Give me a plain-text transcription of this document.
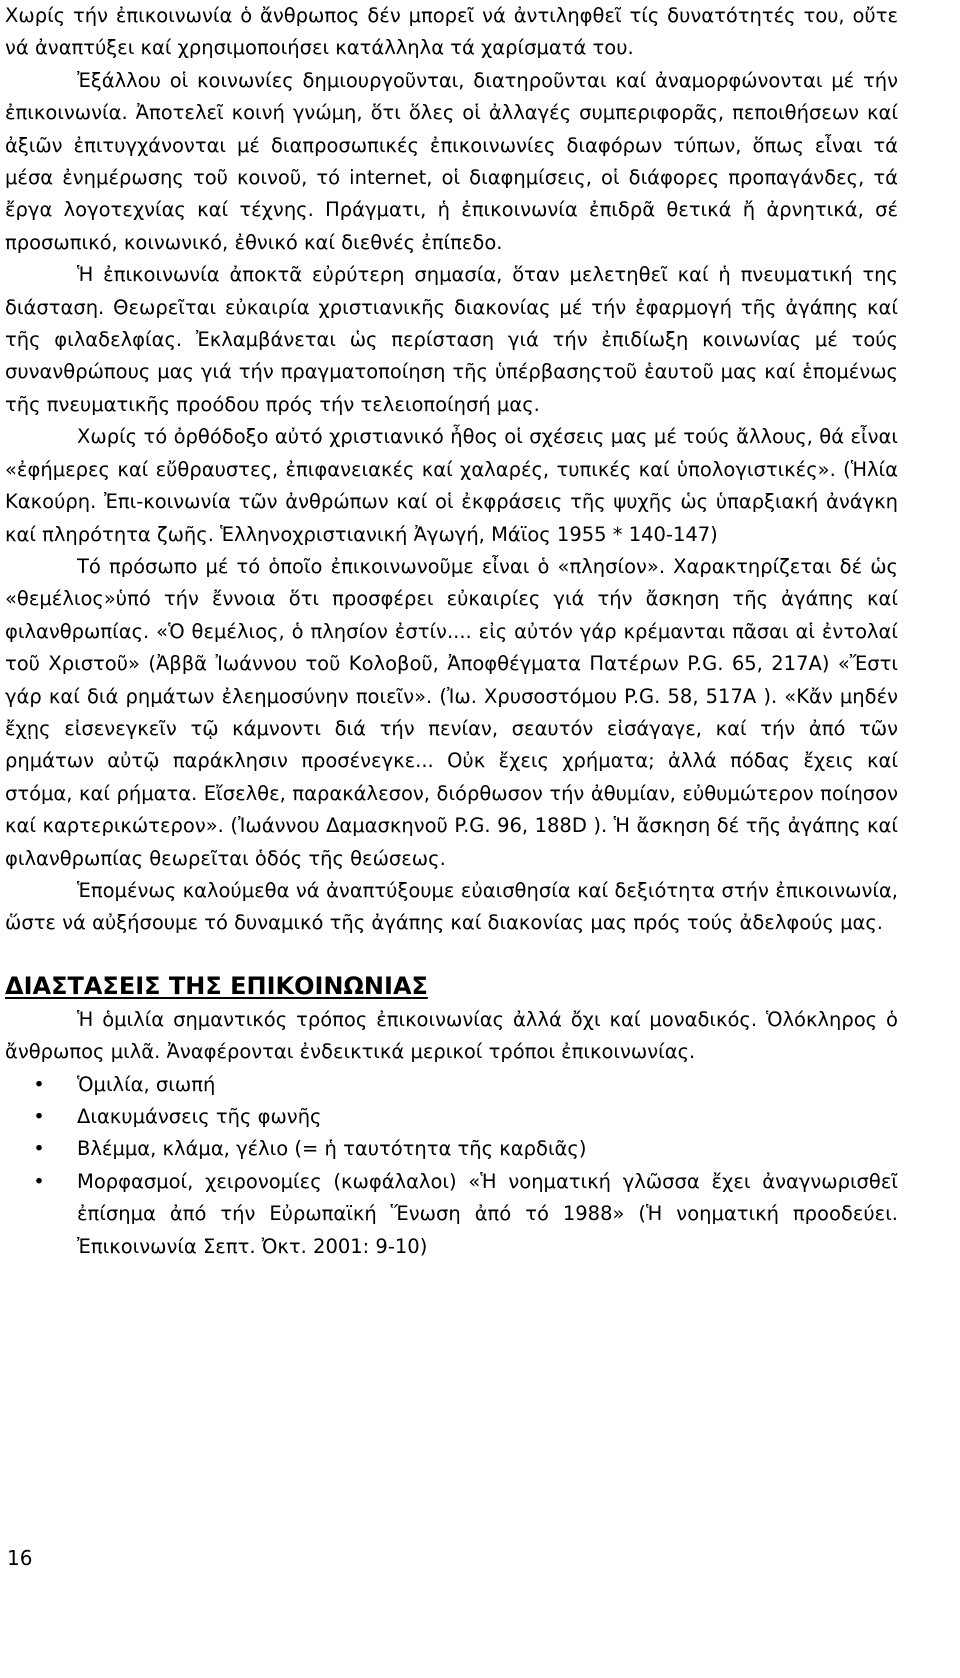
Χωρίς τήν ἐπικοινωνία ὁ ἄνθρωπος δέν μπορεῖ νά ἀντιληφθεῖ τίς δυνατότητές του, οὔτε νά ἀναπτύξει καί χρησιμοποιήσει κατάλληλα τά χαρίσματά του.

Ἐξάλλου οἱ κοινωνίες δημιουργοῦνται, διατηροῦνται καί ἀναμορφώνονται μέ τήν ἐπικοινωνία. Ἀποτελεῖ κοινή γνώμη, ὅτι ὅλες οἱ ἀλλαγές συμπεριφορᾶς, πεποιθήσεων καί ἀξιῶν ἐπιτυγχάνονται μέ διαπροσωπικές ἐπικοινωνίες διαφόρων τύπων, ὅπως εἶναι τά μέσα ἐνημέρωσης τοῦ κοινοῦ, τό internet, οἱ διαφημίσεις, οἱ διάφορες προπαγάνδες, τά ἔργα λογοτεχνίας καί τέχνης. Πράγματι, ἡ ἐπικοινωνία ἐπιδρᾶ θετικά ἤ ἀρνητικά, σέ προσωπικό, κοινωνικό, ἐθνικό καί διεθνές ἐπίπεδο.

Ἡ ἐπικοινωνία ἀποκτᾶ εὐρύτερη σημασία, ὅταν μελετηθεῖ καί ἡ πνευματική της διάσταση. Θεωρεῖται εὐκαιρία χριστιανικῆς διακονίας μέ τήν ἐφαρμογή τῆς ἀγάπης καί τῆς φιλαδελφίας. Ἐκλαμβάνεται ὡς περίσταση γιά τήν ἐπιδίωξη κοινωνίας μέ τούς συνανθρώπους μας γιά τήν πραγματοποίηση τῆς ὑπέρβασηςτοῦ ἑαυτοῦ μας καί ἑπομένως τῆς πνευματικῆς προόδου πρός τήν τελειοποίησή μας.

Χωρίς τό ὀρθόδοξο αὐτό χριστιανικό ἦθος οἱ σχέσεις μας μέ τούς ἄλλους, θά εἶναι «ἐφήμερες καί εὔθραυστες, ἐπιφανειακές καί χαλαρές, τυπικές καί ὑπολογιστικές». (Ἡλία Κακούρη. Ἐπι-κοινωνία τῶν ἀνθρώπων καί οἱ ἐκφράσεις τῆς ψυχῆς ὡς ὑπαρξιακή ἀνάγκη καί πληρότητα ζωῆς. Ἑλληνοχριστιανική Ἀγωγή, Μάϊος 1955 * 140-147)

Τό πρόσωπο μέ τό ὁποῖο ἐπικοινωνοῦμε εἶναι ὁ «πλησίον». Χαρακτηρίζεται δέ ὡς «θεμέλιος»ὑπό τήν ἔννοια ὅτι προσφέρει εὐκαιρίες γιά τήν ἄσκηση τῆς ἀγάπης καί φιλανθρωπίας. «Ὁ θεμέλιος, ὁ πλησίον ἐστίν.... εἰς αὐτόν γάρ κρέμανται πᾶσαι αἱ ἐντολαί τοῦ Χριστοῦ» (Ἀββᾶ Ἰωάννου τοῦ Κολοβοῦ, Ἀποφθέγματα Πατέρων P.G. 65, 217A) «Ἔστι γάρ καί διά ρημάτων ἐλεημοσύνην ποιεῖν». (Ἰω. Χρυσοστόμου P.G. 58, 517A ). «Κἄν μηδέν ἔχῃς εἰσενεγκεῖν τῷ κάμνοντι διά τήν πενίαν, σεαυτόν εἰσάγαγε, καί τήν ἀπό τῶν ρημάτων αὐτῷ παράκλησιν προσένεγκε... Οὐκ ἔχεις χρήματα; ἀλλά πόδας ἔχεις καί στόμα, καί ρήματα. Εἴσελθε, παρακάλεσον, διόρθωσον τήν ἀθυμίαν, εὐθυμώτερον ποίησον καί καρτερικώτερον». (Ἰωάννου Δαμασκηνοῦ P.G. 96, 188D ). Ἡ ἄσκηση δέ τῆς ἀγάπης καί φιλανθρωπίας θεωρεῖται ὁδός τῆς θεώσεως.

Ἑπομένως καλούμεθα νά ἀναπτύξουμε εὐαισθησία καί δεξιότητα στήν ἐπικοινωνία, ὥστε νά αὐξήσουμε τό δυναμικό τῆς ἀγάπης καί διακονίας μας πρός τούς ἀδελφούς μας.

ΔΙΑΣΤΑΣΕΙΣ ΤΗΣ ΕΠΙΚΟΙΝΩΝΙΑΣ

Ἡ ὁμιλία σημαντικός τρόπος ἐπικοινωνίας ἀλλά ὄχι καί μοναδικός. Ὁλόκληρος ὁ ἄνθρωπος μιλᾶ. Ἀναφέρονται ἐνδεικτικά μερικοί τρόποι ἐπικοινωνίας.

• Ὁμιλία, σιωπή
• Διακυμάνσεις τῆς φωνῆς
• Βλέμμα, κλάμα, γέλιο (= ἡ ταυτότητα τῆς καρδιᾶς)
• Μορφασμοί, χειρονομίες (κωφάλαλοι) «Ἡ νοηματική γλῶσσα ἔχει ἀναγνωρισθεῖ ἐπίσημα ἀπό τήν Εὐρωπαϊκή Ἕνωση ἀπό τό 1988» (Ἡ νοηματική προοδεύει. Ἐπικοινωνία Σεπτ. Ὀκτ. 2001: 9-10)
16
